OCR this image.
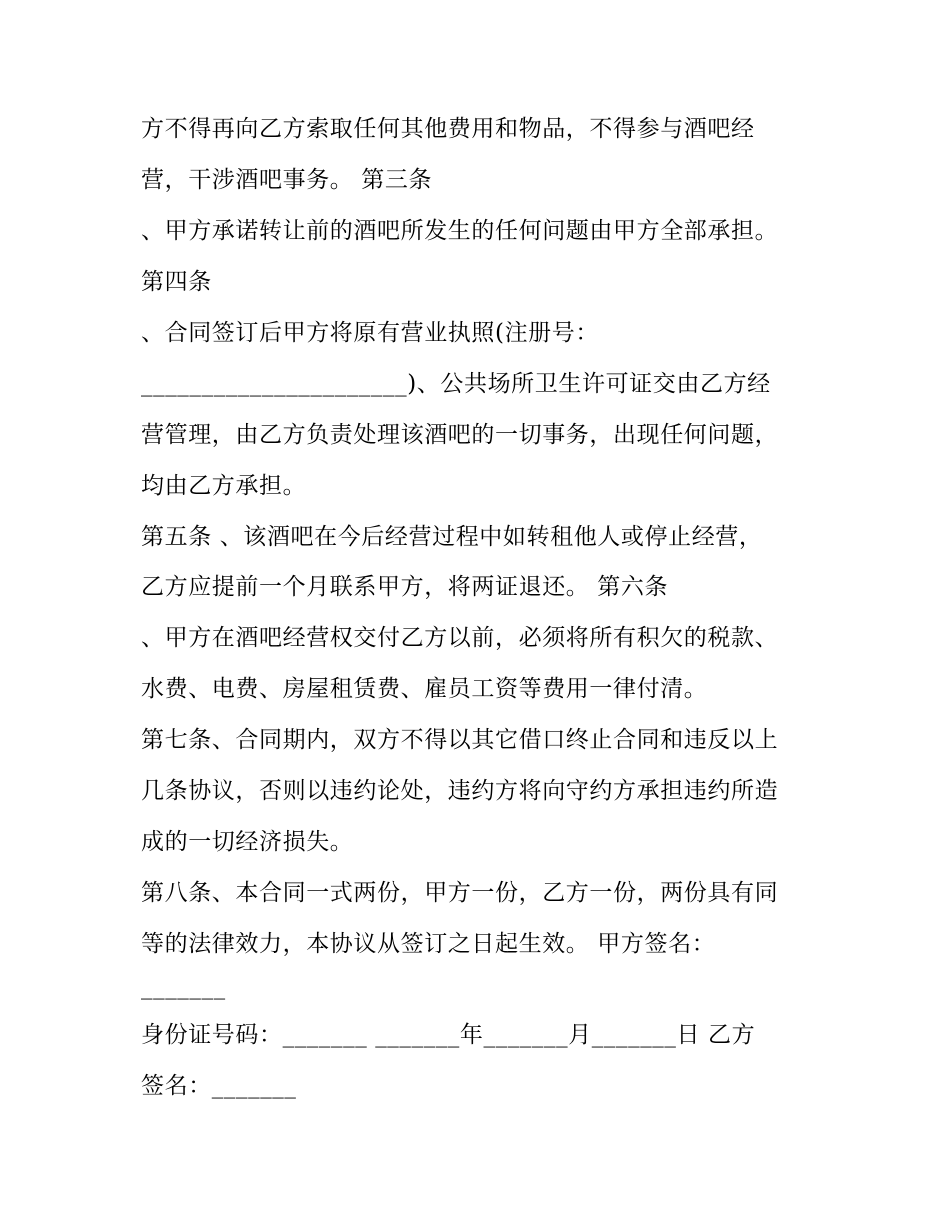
方不得再向乙方索取任何其他费用和物品，不得参与酒吧经

营，干涉酒吧事务。 第三条

、甲方承诺转让前的酒吧所发生的任何问题由甲方全部承担。

第四条

、合同签订后甲方将原有营业执照(注册号：

______________________)、公共场所卫生许可证交由乙方经

营管理，由乙方负责处理该酒吧的一切事务，出现任何问题，

均由乙方承担。

第五条 、该酒吧在今后经营过程中如转租他人或停止经营，

乙方应提前一个月联系甲方，将两证退还。 第六条

、甲方在酒吧经营权交付乙方以前，必须将所有积欠的税款、

水费、电费、房屋租赁费、雇员工资等费用一律付清。

第七条、合同期内，双方不得以其它借口终止合同和违反以上

几条协议，否则以违约论处，违约方将向守约方承担违约所造

成的一切经济损失。

第八条、本合同一式两份，甲方一份，乙方一份，两份具有同

等的法律效力，本协议从签订之日起生效。 甲方签名：

_______

身份证号码：_______ _______年_______月_______日 乙方

签名：_______
